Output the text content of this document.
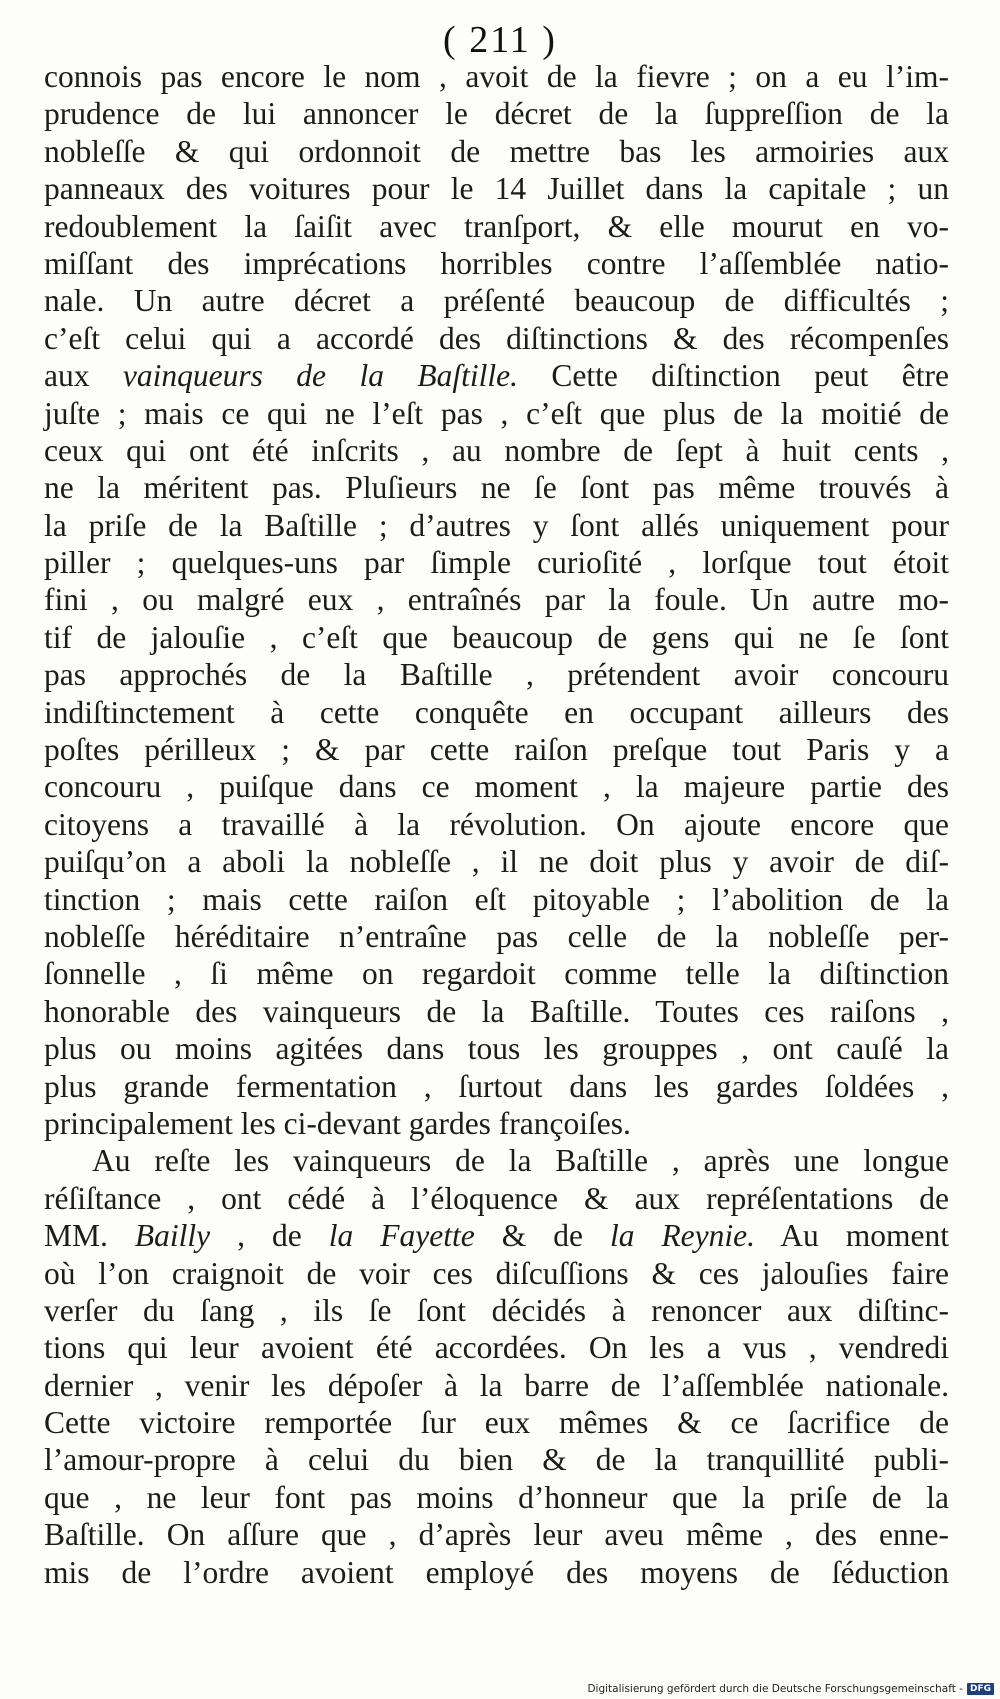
( 211 )
connois pas encore le nom , avoit de la fievre ; on a eu l’im-
prudence de lui annoncer le décret de la ſuppreſſion de la
nobleſſe & qui ordonnoit de mettre bas les armoiries aux
panneaux des voitures pour le 14 Juillet dans la capitale ; un
redoublement la ſaiſit avec tranſport, & elle mourut en vo-
miſſant des imprécations horribles contre l’aſſemblée natio-
nale. Un autre décret a préſenté beaucoup de difficultés ;
c’eſt celui qui a accordé des diſtinctions & des récompenſes
aux vainqueurs de la Baſtille. Cette diſtinction peut être
juſte ; mais ce qui ne l’eſt pas , c’eſt que plus de la moitié de
ceux qui ont été inſcrits , au nombre de ſept à huit cents ,
ne la méritent pas. Pluſieurs ne ſe ſont pas même trouvés à
la priſe de la Baſtille ; d’autres y ſont allés uniquement pour
piller ; quelques-uns par ſimple curioſité , lorſque tout étoit
fini , ou malgré eux , entraînés par la foule. Un autre mo-
tif de jalouſie , c’eſt que beaucoup de gens qui ne ſe ſont
pas approchés de la Baſtille , prétendent avoir concouru
indiſtinctement à cette conquête en occupant ailleurs des
poſtes périlleux ; & par cette raiſon preſque tout Paris y a
concouru , puiſque dans ce moment , la majeure partie des
citoyens a travaillé à la révolution. On ajoute encore que
puiſqu’on a aboli la nobleſſe , il ne doit plus y avoir de diſ-
tinction ; mais cette raiſon eſt pitoyable ; l’abolition de la
nobleſſe héréditaire n’entraîne pas celle de la nobleſſe per-
ſonnelle , ſi même on regardoit comme telle la diſtinction
honorable des vainqueurs de la Baſtille. Toutes ces raiſons ,
plus ou moins agitées dans tous les grouppes , ont cauſé la
plus grande fermentation , ſurtout dans les gardes ſoldées ,
principalement les ci-devant gardes françoiſes.
Au reſte les vainqueurs de la Baſtille , après une longue
réſiſtance , ont cédé à l’éloquence & aux repréſentations de
MM. Bailly , de la Fayette & de la Reynie. Au moment
où l’on craignoit de voir ces diſcuſſions & ces jalouſies faire
verſer du ſang , ils ſe ſont décidés à renoncer aux diſtinc-
tions qui leur avoient été accordées. On les a vus , vendredi
dernier , venir les dépoſer à la barre de l’aſſemblée nationale.
Cette victoire remportée ſur eux mêmes & ce ſacrifice de
l’amour-propre à celui du bien & de la tranquillité publi-
que , ne leur font pas moins d’honneur que la priſe de la
Baſtille. On aſſure que , d’après leur aveu même , des enne-
mis de l’ordre avoient employé des moyens de ſéduction
Digitalisierung gefördert durch die Deutsche Forschungsgemeinschaft - DFG
